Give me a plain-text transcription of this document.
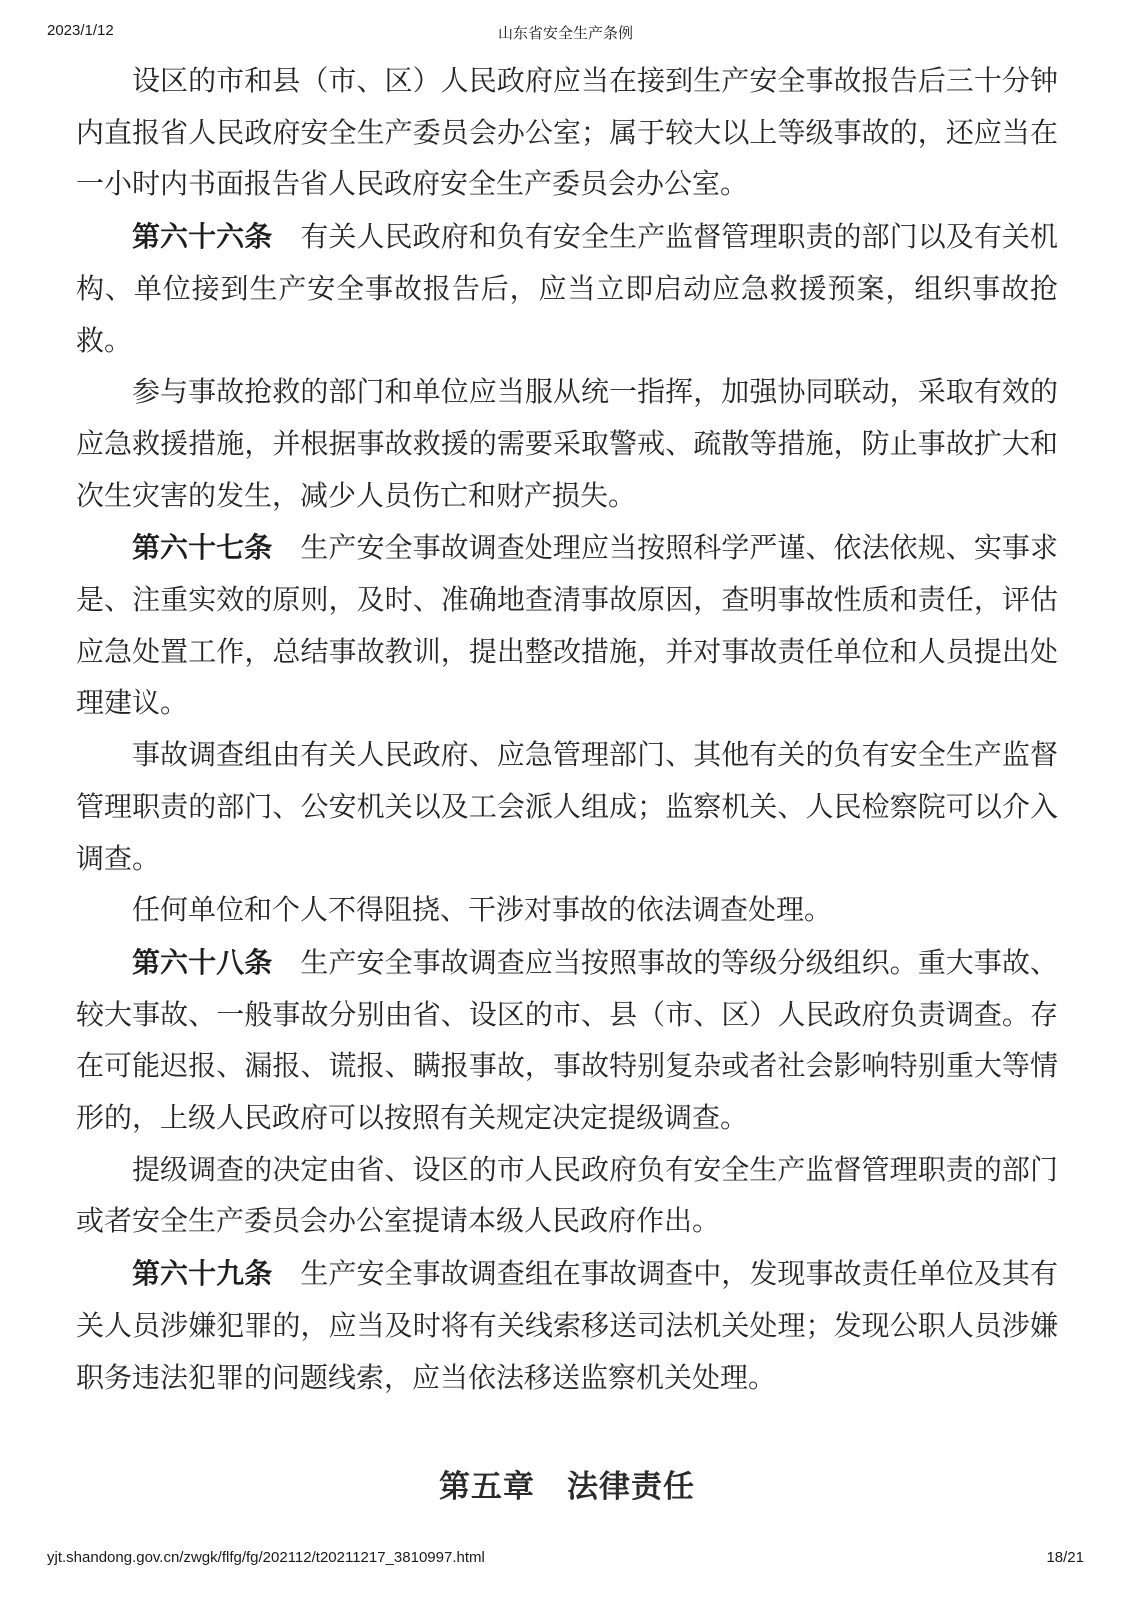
2023/1/12	山东省安全生产条例

设区的市和县（市、区）人民政府应当在接到生产安全事故报告后三十分钟内直报省人民政府安全生产委员会办公室；属于较大以上等级事故的，还应当在一小时内书面报告省人民政府安全生产委员会办公室。

第六十六条　有关人民政府和负有安全生产监督管理职责的部门以及有关机构、单位接到生产安全事故报告后，应当立即启动应急救援预案，组织事故抢救。

参与事故抢救的部门和单位应当服从统一指挥，加强协同联动，采取有效的应急救援措施，并根据事故救援的需要采取警戒、疏散等措施，防止事故扩大和次生灾害的发生，减少人员伤亡和财产损失。

第六十七条　生产安全事故调查处理应当按照科学严谨、依法依规、实事求是、注重实效的原则，及时、准确地查清事故原因，查明事故性质和责任，评估应急处置工作，总结事故教训，提出整改措施，并对事故责任单位和人员提出处理建议。

事故调查组由有关人民政府、应急管理部门、其他有关的负有安全生产监督管理职责的部门、公安机关以及工会派人组成；监察机关、人民检察院可以介入调查。

任何单位和个人不得阻挠、干涉对事故的依法调查处理。

第六十八条　生产安全事故调查应当按照事故的等级分级组织。重大事故、较大事故、一般事故分别由省、设区的市、县（市、区）人民政府负责调查。存在可能迟报、漏报、谎报、瞒报事故，事故特别复杂或者社会影响特别重大等情形的，上级人民政府可以按照有关规定决定提级调查。

提级调查的决定由省、设区的市人民政府负有安全生产监督管理职责的部门或者安全生产委员会办公室提请本级人民政府作出。

第六十九条　生产安全事故调查组在事故调查中，发现事故责任单位及其有关人员涉嫌犯罪的，应当及时将有关线索移送司法机关处理；发现公职人员涉嫌职务违法犯罪的问题线索，应当依法移送监察机关处理。

第五章　法律责任
yjt.shandong.gov.cn/zwgk/flfg/fg/202112/t20211217_3810997.html	18/21
